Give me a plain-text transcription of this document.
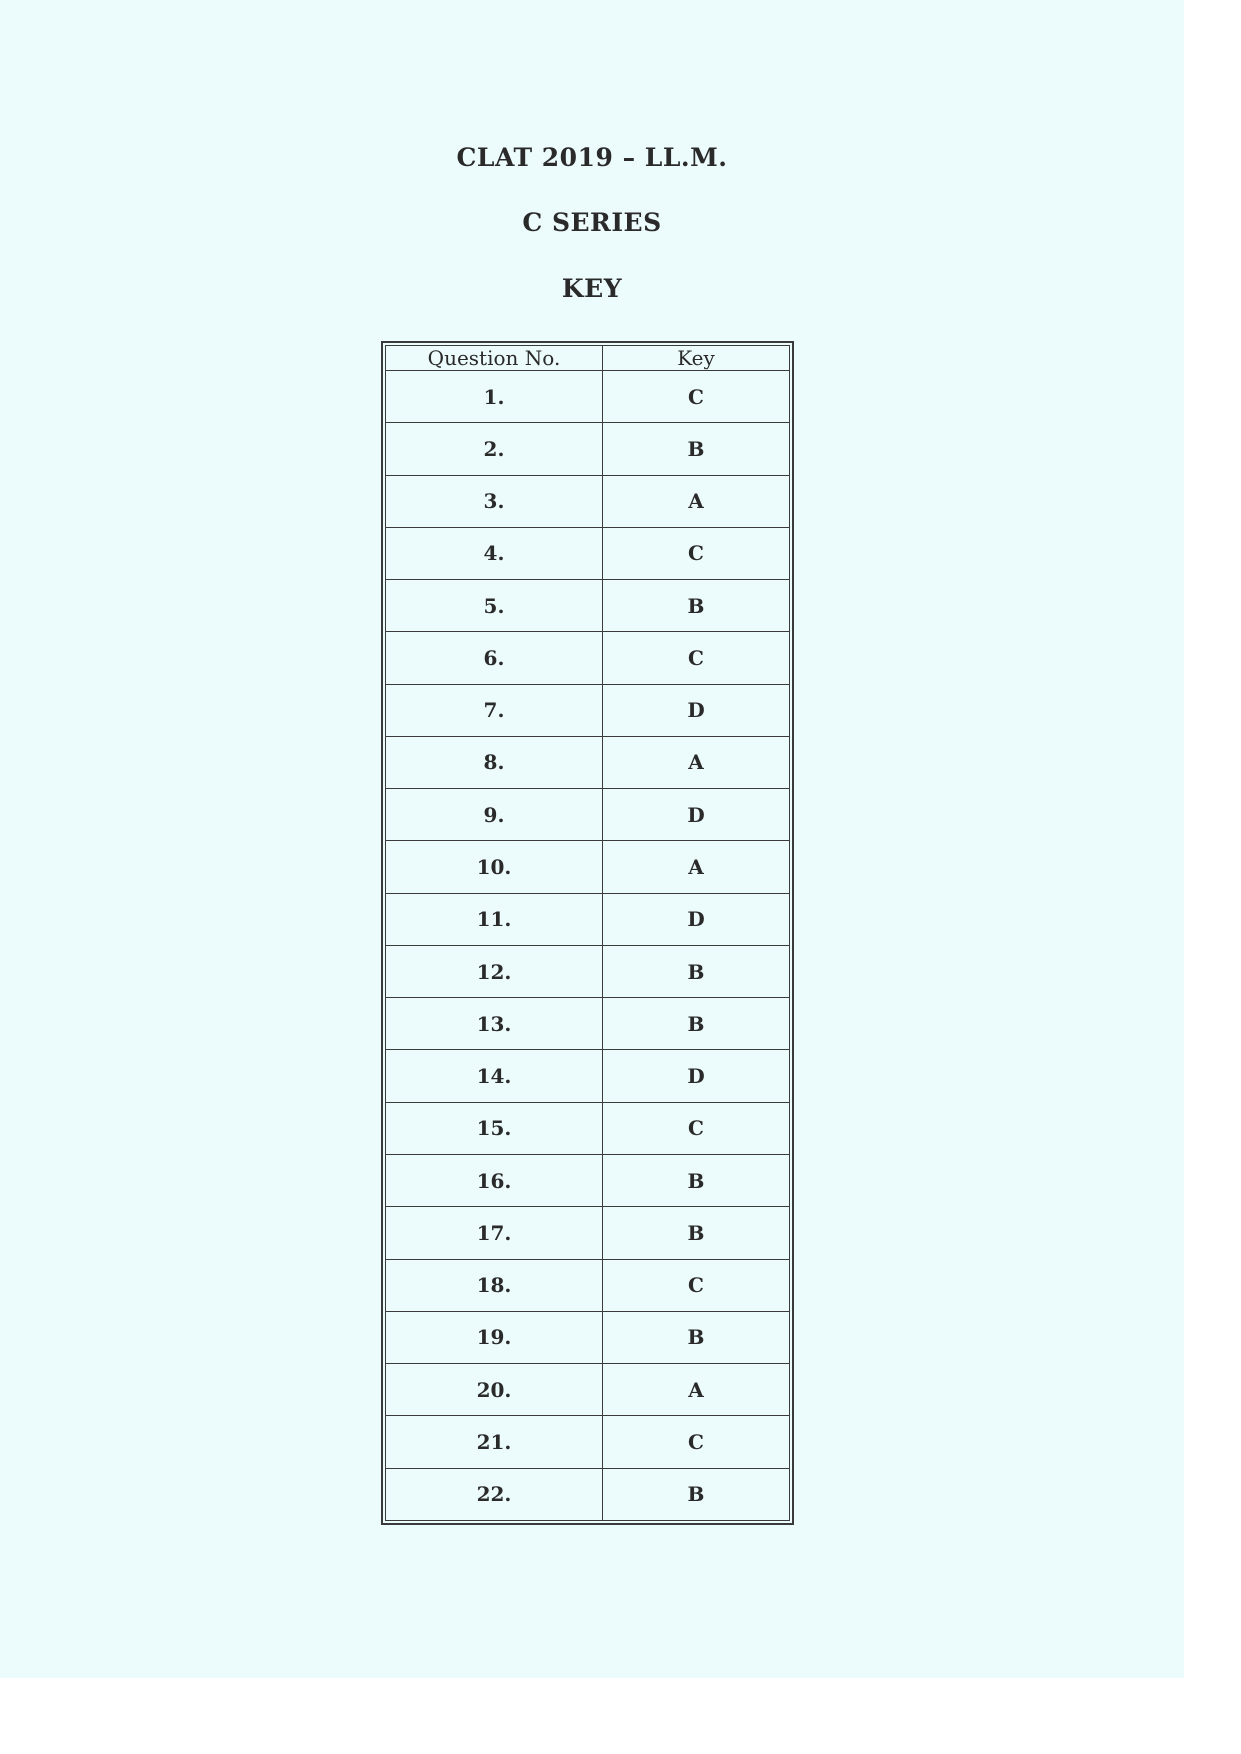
CLAT 2019 – LL.M.
C SERIES
KEY
Question No.	Key
1.	C
2.	B
3.	A
4.	C
5.	B
6.	C
7.	D
8.	A
9.	D
10.	A
11.	D
12.	B
13.	B
14.	D
15.	C
16.	B
17.	B
18.	C
19.	B
20.	A
21.	C
22.	B
